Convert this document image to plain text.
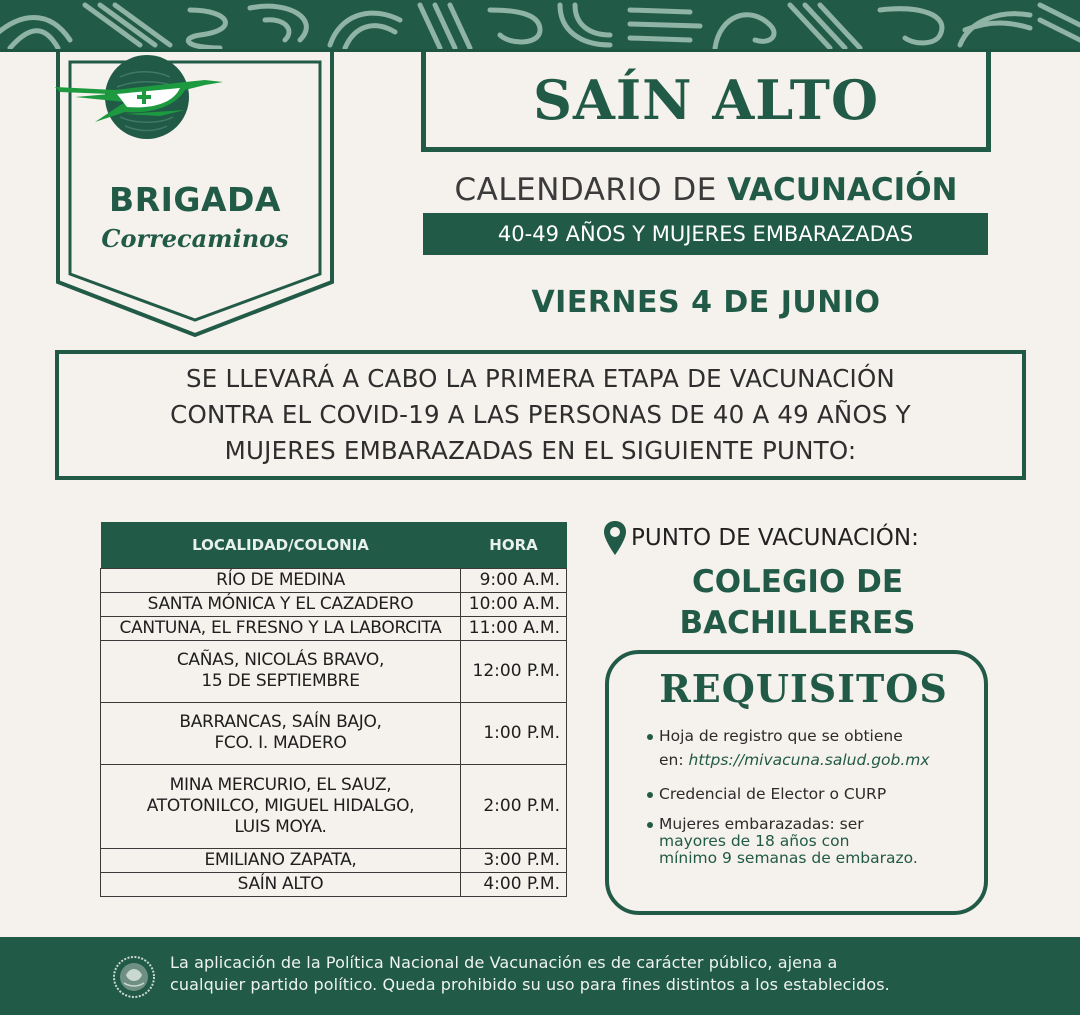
BRIGADA
Correcaminos
SAÍN ALTO
CALENDARIO DE VACUNACIÓN
40-49 AÑOS Y MUJERES EMBARAZADAS
VIERNES 4 DE JUNIO

SE LLEVARÁ A CABO LA PRIMERA ETAPA DE VACUNACIÓN
CONTRA EL COVID-19 A LAS PERSONAS DE 40 A 49 AÑOS Y
MUJERES EMBARAZADAS EN EL SIGUIENTE PUNTO:

LOCALIDAD/COLONIA	HORA
RÍO DE MEDINA	9:00 A.M.
SANTA MÓNICA Y EL CAZADERO	10:00 A.M.
CANTUNA, EL FRESNO Y LA LABORCITA	11:00 A.M.
CAÑAS, NICOLÁS BRAVO,
15 DE SEPTIEMBRE	12:00 P.M.
BARRANCAS, SAÍN BAJO,
FCO. I. MADERO	1:00 P.M.
MINA MERCURIO, EL SAUZ,
ATOTONILCO, MIGUEL HIDALGO,
LUIS MOYA.	2:00 P.M.
EMILIANO ZAPATA,	3:00 P.M.
SAÍN ALTO	4:00 P.M.
PUNTO DE VACUNACIÓN:
COLEGIO DE
BACHILLERES
REQUISITOS
Hoja de registro que se obtiene
en: https://mivacuna.salud.gob.mx
Credencial de Elector o CURP
Mujeres embarazadas: ser
mayores de 18 años con
mínimo 9 semanas de embarazo.
La aplicación de la Política Nacional de Vacunación es de carácter público, ajena a
cualquier partido político. Queda prohibido su uso para fines distintos a los establecidos.
